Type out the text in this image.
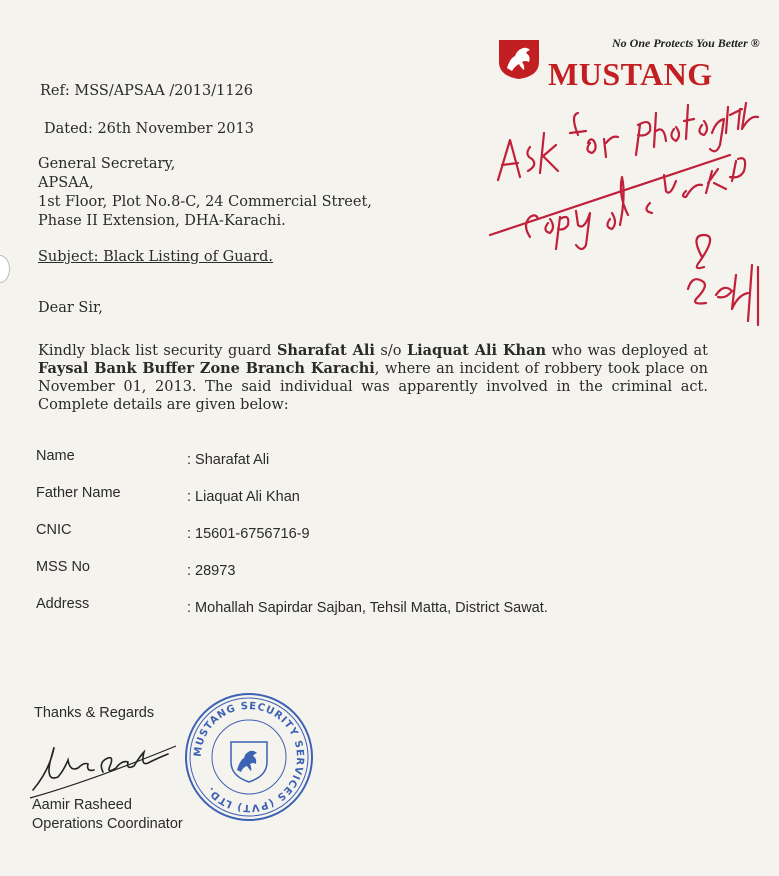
No One Protects You Better ®
MUSTANG
Ref: MSS/APSAA /2013/1126
Dated: 26th November 2013
General Secretary,
APSAA,
1st Floor, Plot No.8-C, 24 Commercial Street,
Phase II Extension, DHA-Karachi.
Subject: Black Listing of Guard.
Dear Sir,
Kindly black list security guard Sharafat Ali s/o Liaquat Ali Khan who was deployed at Faysal Bank Buffer Zone Branch Karachi, where an incident of robbery took place on November 01, 2013. The said individual was apparently involved in the criminal act. Complete details are given below:
Name	: Sharafat Ali
Father Name	: Liaquat Ali Khan
CNIC	: 15601-6756716-9
MSS No	: 28973
Address	: Mohallah Sapirdar Sajban, Tehsil Matta, District Sawat.
Thanks & Regards
Aamir Rasheed
Operations Coordinator
MUSTANG SECURITY SERVICES (PVT) LTD.
